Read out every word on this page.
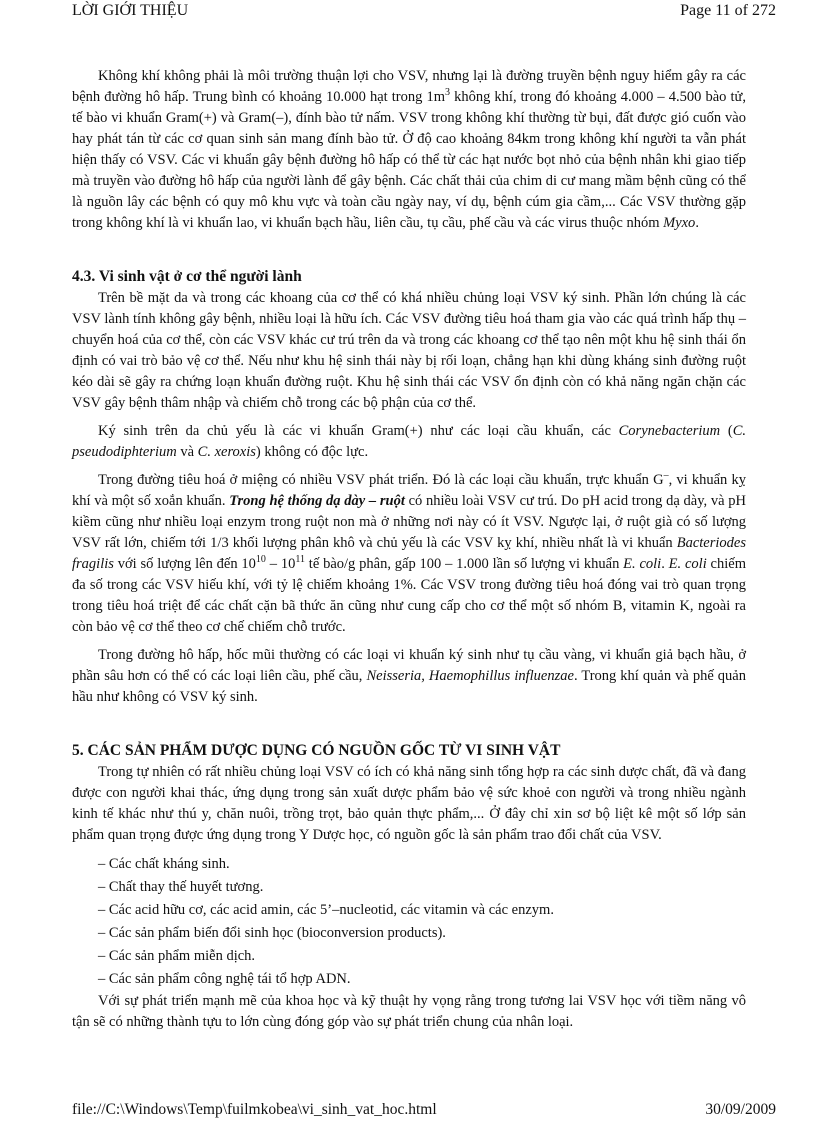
LỜI GIỚI THIỆU	Page 11 of 272

Không khí không phải là môi trường thuận lợi cho VSV, nhưng lại là đường truyền bệnh nguy hiểm gây ra các bệnh đường hô hấp. Trung bình có khoảng 10.000 hạt trong $1m^3$ không khí, trong đó khoảng 4.000 – 4.500 bào tử, tế bào vi khuẩn Gram(+) và Gram(–), đính bào tử nấm. VSV trong không khí thường từ bụi, đất được gió cuốn vào hay phát tán từ các cơ quan sinh sản mang đính bào tử. Ở độ cao khoảng 84km trong không khí người ta vẫn phát hiện thấy có VSV. Các vi khuẩn gây bệnh đường hô hấp có thể từ các hạt nước bọt nhỏ của bệnh nhân khi giao tiếp mà truyền vào đường hô hấp của người lành để gây bệnh. Các chất thải của chim di cư mang mầm bệnh cũng có thể là nguồn lây các bệnh có quy mô khu vực và toàn cầu ngày nay, ví dụ, bệnh cúm gia cầm,... Các VSV thường gặp trong không khí là vi khuẩn lao, vi khuẩn bạch hầu, liên cầu, tụ cầu, phế cầu và các virus thuộc nhóm Myxo.

4.3. Vi sinh vật ở cơ thể người lành

Trên bề mặt da và trong các khoang của cơ thể có khá nhiều chủng loại VSV ký sinh. Phần lớn chúng là các VSV lành tính không gây bệnh, nhiều loại là hữu ích. Các VSV đường tiêu hoá tham gia vào các quá trình hấp thụ – chuyển hoá của cơ thể, còn các VSV khác cư trú trên da và trong các khoang cơ thể tạo nên một khu hệ sinh thái ổn định có vai trò bảo vệ cơ thể. Nếu như khu hệ sinh thái này bị rối loạn, chẳng hạn khi dùng kháng sinh đường ruột kéo dài sẽ gây ra chứng loạn khuẩn đường ruột. Khu hệ sinh thái các VSV ổn định còn có khả năng ngăn chặn các VSV gây bệnh thâm nhập và chiếm chỗ trong các bộ phận của cơ thể.

Ký sinh trên da chủ yếu là các vi khuẩn Gram(+) như các loại cầu khuẩn, các Corynebacterium (C. pseudodiphterium và C. xeroxis) không có độc lực.

Trong đường tiêu hoá ở miệng có nhiều VSV phát triển. Đó là các loại cầu khuẩn, trực khuẩn G–, vi khuẩn kỵ khí và một số xoắn khuẩn. Trong hệ thống dạ dày – ruột có nhiều loài VSV cư trú. Do pH acid trong dạ dày, và pH kiềm cũng như nhiều loại enzym trong ruột non mà ở những nơi này có ít VSV. Ngược lại, ở ruột già có số lượng VSV rất lớn, chiếm tới 1/3 khối lượng phân khô và chủ yếu là các VSV kỵ khí, nhiều nhất là vi khuẩn Bacteriodes fragilis với số lượng lên đến $10^{10} - 10^{11}$ tế bào/g phân, gấp 100 – 1.000 lần số lượng vi khuẩn E. coli. E. coli chiếm đa số trong các VSV hiếu khí, với tỷ lệ chiếm khoảng 1%. Các VSV trong đường tiêu hoá đóng vai trò quan trọng trong tiêu hoá triệt để các chất cặn bã thức ăn cũng như cung cấp cho cơ thể một số nhóm B, vitamin K, ngoài ra còn bảo vệ cơ thể theo cơ chế chiếm chỗ trước.

Trong đường hô hấp, hốc mũi thường có các loại vi khuẩn ký sinh như tụ cầu vàng, vi khuẩn giả bạch hầu, ở phần sâu hơn có thể có các loại liên cầu, phế cầu, Neisseria, Haemophillus influenzae. Trong khí quản và phế quản hầu như không có VSV ký sinh.

5. CÁC SẢN PHẨM DƯỢC DỤNG CÓ NGUỒN GỐC TỪ VI SINH VẬT

Trong tự nhiên có rất nhiều chủng loại VSV có ích có khả năng sinh tổng hợp ra các sinh dược chất, đã và đang được con người khai thác, ứng dụng trong sản xuất dược phẩm bảo vệ sức khoẻ con người và trong nhiều ngành kinh tế khác như thú y, chăn nuôi, trồng trọt, bảo quản thực phẩm,... Ở đây chỉ xin sơ bộ liệt kê một số lớp sản phẩm quan trọng được ứng dụng trong Y Dược học, có nguồn gốc là sản phẩm trao đổi chất của VSV.

– Các chất kháng sinh.
– Chất thay thế huyết tương.
– Các acid hữu cơ, các acid amin, các 5’–nucleotid, các vitamin và các enzym.
– Các sản phẩm biến đổi sinh học (bioconversion products).
– Các sản phẩm miễn dịch.
– Các sản phẩm công nghệ tái tổ hợp ADN.

Với sự phát triển mạnh mẽ của khoa học và kỹ thuật hy vọng rằng trong tương lai VSV học với tiềm năng vô tận sẽ có những thành tựu to lớn cùng đóng góp vào sự phát triển chung của nhân loại.

file://C:\Windows\Temp\fuilmkobea\vi_sinh_vat_hoc.html	30/09/2009
